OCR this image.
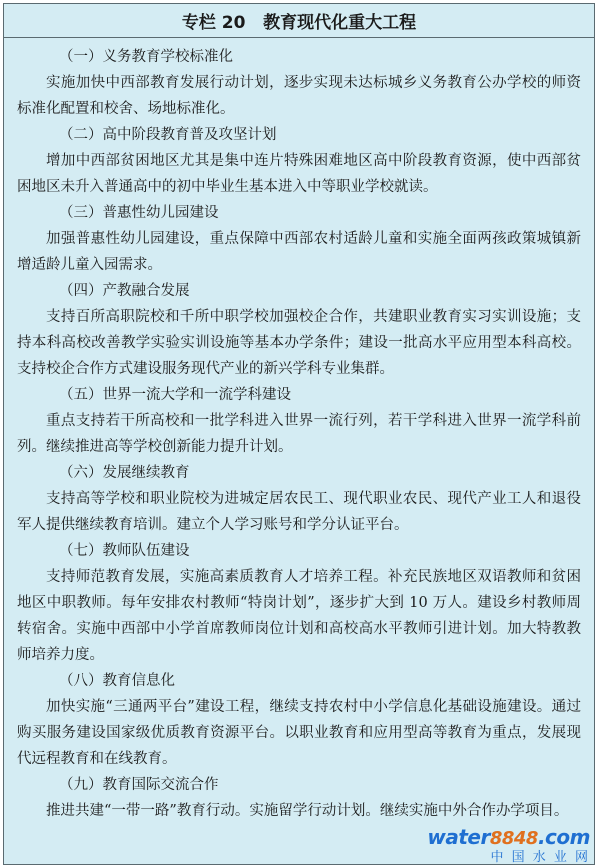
专栏 20
教育现代化重大工程
（一）义务教育学校标准化

实施加快中西部教育发展行动计划，逐步实现未达标城乡义务教育公办学校的师资标准化配置和校舍、场地标准化。

（二）高中阶段教育普及攻坚计划

增加中西部贫困地区尤其是集中连片特殊困难地区高中阶段教育资源，使中西部贫困地区未升入普通高中的初中毕业生基本进入中等职业学校就读。

（三）普惠性幼儿园建设

加强普惠性幼儿园建设，重点保障中西部农村适龄儿童和实施全面两孩政策城镇新增适龄儿童入园需求。

（四）产教融合发展

支持百所高职院校和千所中职学校加强校企合作，共建职业教育实习实训设施；支持本科高校改善教学实验实训设施等基本办学条件；建设一批高水平应用型本科高校。支持校企合作方式建设服务现代产业的新兴学科专业集群。

（五）世界一流大学和一流学科建设

重点支持若干所高校和一批学科进入世界一流行列，若干学科进入世界一流学科前列。继续推进高等学校创新能力提升计划。

（六）发展继续教育

支持高等学校和职业院校为进城定居农民工、现代职业农民、现代产业工人和退役军人提供继续教育培训。建立个人学习账号和学分认证平台。

（七）教师队伍建设

支持师范教育发展，实施高素质教育人才培养工程。补充民族地区双语教师和贫困地区中职教师。每年安排农村教师“特岗计划”，逐步扩大到 10 万人。建设乡村教师周转宿舍。实施中西部中小学首席教师岗位计划和高校高水平教师引进计划。加大特教教师培养力度。

（八）教育信息化

加快实施“三通两平台”建设工程，继续支持农村中小学信息化基础设施建设。通过购买服务建设国家级优质教育资源平台。以职业教育和应用型高等教育为重点，发展现代远程教育和在线教育。

（九）教育国际交流合作

推进共建“一带一路”教育行动。实施留学行动计划。继续实施中外合作办学项目。

water8848.com
中 国 水 业 网
